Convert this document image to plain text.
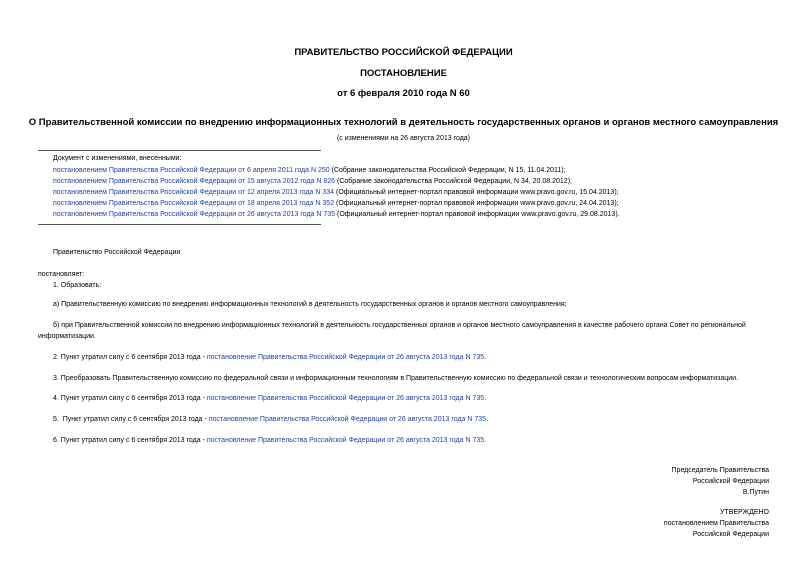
ПРАВИТЕЛЬСТВО РОССИЙСКОЙ ФЕДЕРАЦИИ
ПОСТАНОВЛЕНИЕ
от 6 февраля 2010 года N 60
О Правительственной комиссии по внедрению информационных технологий в деятельность государственных органов и органов местного самоуправления
(с изменениями на 26 августа 2013 года)
Документ с изменениями, внесенными:
постановлением Правительства Российской Федерации от 6 апреля 2011 года N 250 (Собрание законодательства Российской Федерации, N 15, 11.04.2011);
постановлением Правительства Российской Федерации от 15 августа 2012 года N 826 (Собрание законодательства Российской Федерации, N 34, 20.08.2012);
постановлением Правительства Российской Федерации от 12 апреля 2013 года N 334 (Официальный интернет-портал правовой информации www.pravo.gov.ru, 15.04.2013);
постановлением Правительства Российской Федерации от 18 апреля 2013 года N 352 (Официальный интернет-портал правовой информации www.pravo.gov.ru, 24.04.2013);
постановлением Правительства Российской Федерации от 26 августа 2013 года N 735 (Официальный интернет-портал правовой информации www.pravo.gov.ru, 29.08.2013).
Правительство Российской Федерации
постановляет:
1. Образовать:
а) Правительственную комиссию по внедрению информационных технологий в деятельность государственных органов и органов местного самоуправления;
б) при Правительственной комиссии по внедрению информационных технологий в деятельность государственных органов и органов местного самоуправления в качестве рабочего органа Совет по региональной информатизации.
2. Пункт утратил силу с 6 сентября 2013 года - постановление Правительства Российской Федерации от 26 августа 2013 года N 735.
3. Преобразовать Правительственную комиссию по федеральной связи и информационным технологиям в Правительственную комиссию по федеральной связи и технологическим вопросам информатизации.
4. Пункт утратил силу с 6 сентября 2013 года - постановление Правительства Российской Федерации от 26 августа 2013 года N 735.
5.  Пункт утратил силу с 6 сентября 2013 года - постановление Правительства Российской Федерации от 26 августа 2013 года N 735.
6. Пункт утратил силу с 6 сентября 2013 года - постановление Правительства Российской Федерации от 26 августа 2013 года N 735.
Председатель Правительства
Российской Федерации
В.Путин
УТВЕРЖДЕНО
постановлением Правительства
Российской Федерации
